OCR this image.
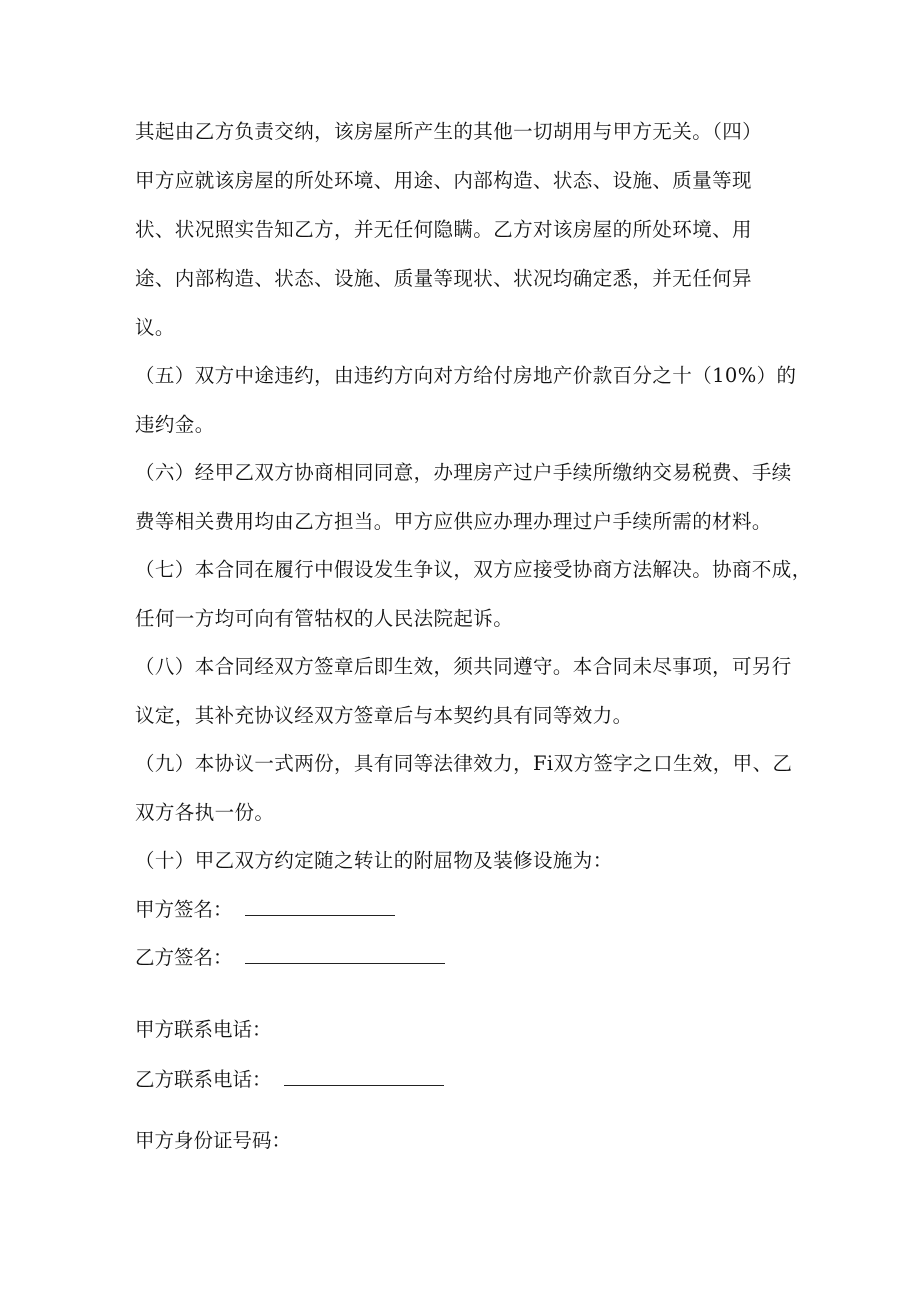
其起由乙方负责交纳，该房屋所产生的其他一切胡用与甲方无关。（四）
甲方应就该房屋的所处环境、用途、内部构造、状态、设施、质量等现
状、状况照实告知乙方，并无任何隐瞒。乙方对该房屋的所处环境、用
途、内部构造、状态、设施、质量等现状、状况均确定悉，并无任何异
议。
（五）双方中途违约，由违约方向对方给付房地产价款百分之十（10%）的
违约金。
（六）经甲乙双方协商相同同意，办理房产过户手续所缴纳交易税费、手续
费等相关费用均由乙方担当。甲方应供应办理办理过户手续所需的材料。
（七）本合同在履行中假设发生争议，双方应接受协商方法解决。协商不成，
任何一方均可向有管牯权的人民法院起诉。
（八）本合同经双方签章后即生效，须共同遵守。本合同未尽事项，可另行
议定，其补充协议经双方签章后与本契约具有同等效力。
（九）本协议一式两份，具有同等法律效力，Fi双方签字之口生效，甲、乙
双方各执一份。
（十）甲乙双方约定随之转让的附屈物及装修设施为：
甲方签名：
乙方签名：
甲方联系电话：
乙方联系电话：
甲方身份证号码：
